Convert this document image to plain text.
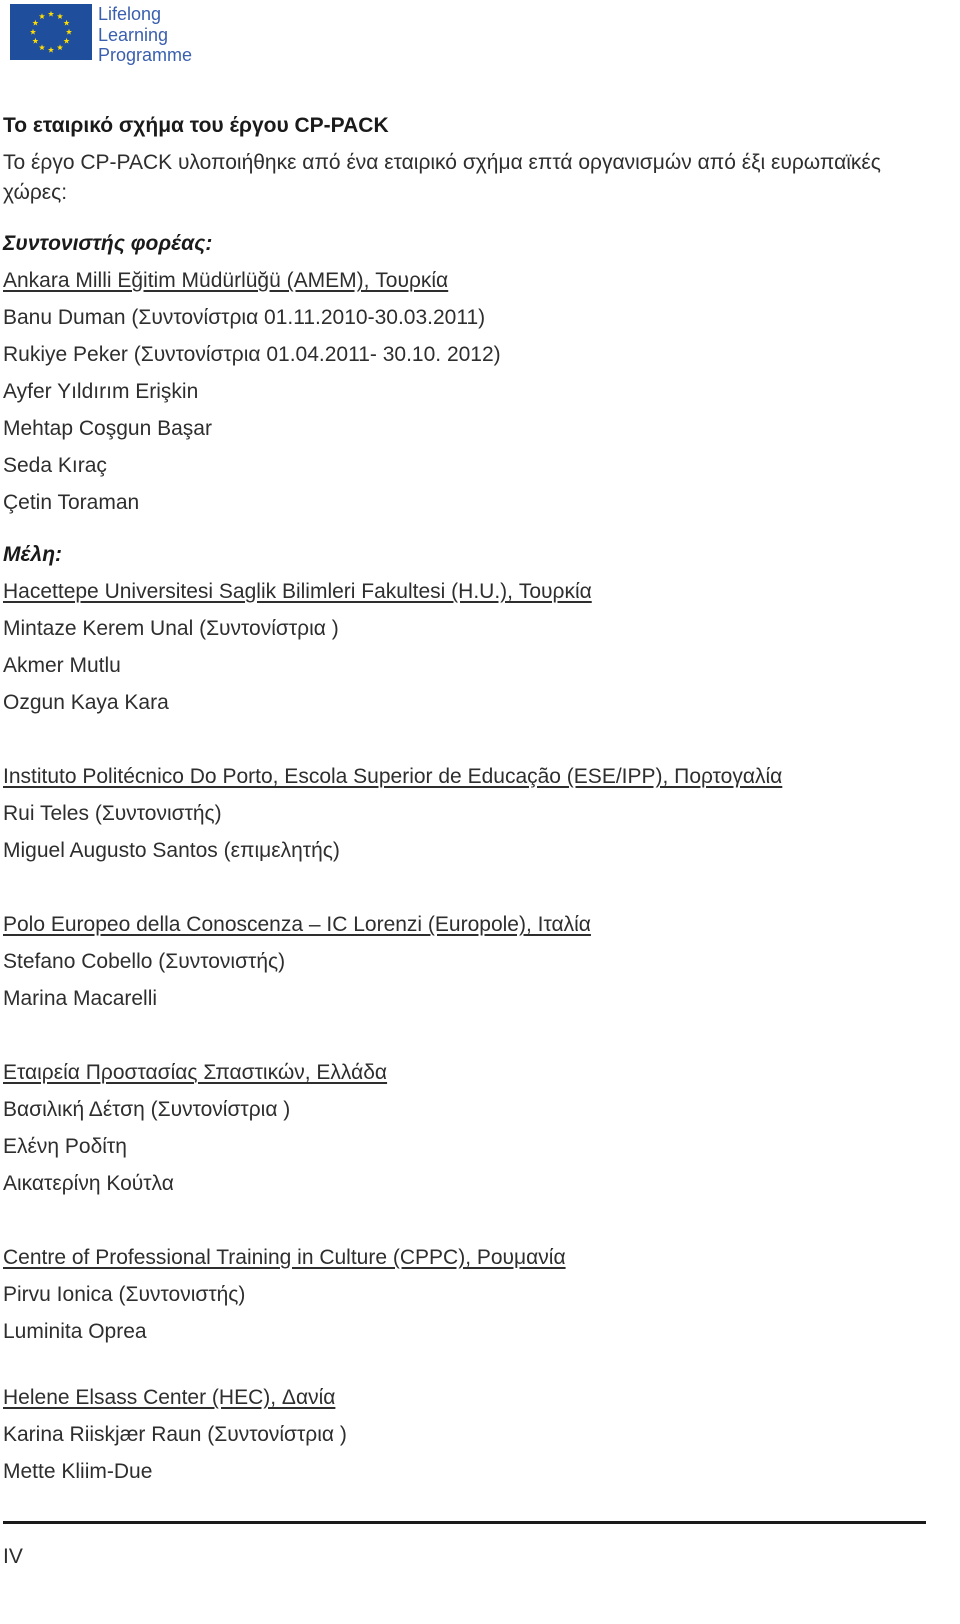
Lifelong
Learning
Programme
Το εταιρικό σχήμα του έργου CP-PACK
Το έργο CP-PACK υλοποιήθηκε από ένα εταιρικό σχήμα επτά οργανισμών από έξι ευρωπαϊκές
χώρες:
Συντονιστής φορέας:
Ankara Milli Eğitim Müdürlüğü (AMEM), Τουρκία
Banu Duman (Συντονίστρια 01.11.2010-30.03.2011)
Rukiye Peker (Συντονίστρια 01.04.2011- 30.10. 2012)
Ayfer Yıldırım Erişkin
Mehtap Coşgun Başar
Seda Kıraç
Çetin Toraman
Μέλη:
Hacettepe Universitesi Saglik Bilimleri Fakultesi (H.U.), Τουρκία
Mintaze Kerem Unal (Συντονίστρια )
Akmer Mutlu
Ozgun Kaya Kara
Instituto Politécnico Do Porto, Escola Superior de Educação (ESE/IPP), Πορτογαλία
Rui Teles (Συντονιστής)
Miguel Augusto Santos (επιμελητής)
Polo Europeo della Conoscenza – IC Lorenzi (Europole), Ιταλία
Stefano Cobello (Συντονιστής)
Marina Macarelli
Εταιρεία Προστασίας Σπαστικών, Ελλάδα
Βασιλική Δέτση (Συντονίστρια )
Ελένη Ροδίτη
Αικατερίνη Κούτλα
Centre of Professional Training in Culture (CPPC), Ρουμανία
Pirvu Ionica (Συντονιστής)
Luminita Oprea
Helene Elsass Center (HEC), Δανία
Karina Riiskjær Raun (Συντονίστρια )
Mette Kliim-Due
IV
